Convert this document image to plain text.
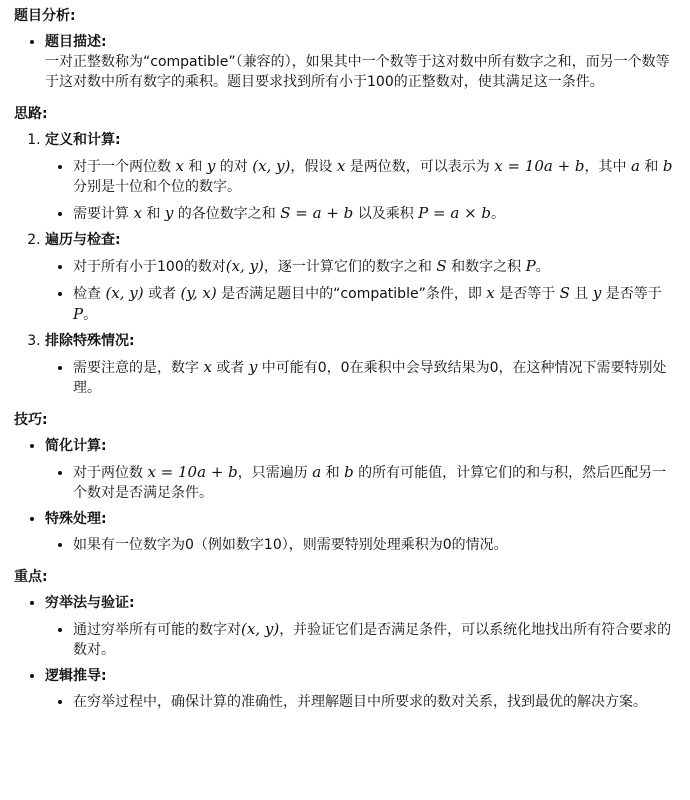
题目分析:

• 题目描述:
一对正整数称为“compatible”（兼容的），如果其中一个数等于这对数中所有数字之和，而另一个数等于这对数中所有数字的乘积。题目要求找到所有小于100的正整数对，使其满足这一条件。

思路:

1. 定义和计算:
• 对于一个两位数 x 和 y 的对 (x, y)，假设 x 是两位数，可以表示为 x = 10a + b，其中 a 和 b 分别是十位和个位的数字。
• 需要计算 x 和 y 的各位数字之和 S = a + b 以及乘积 P = a × b。
2. 遍历与检查:
• 对于所有小于100的数对(x, y)，逐一计算它们的数字之和 S 和数字之积 P。
• 检查 (x, y) 或者 (y, x) 是否满足题目中的“compatible”条件，即 x 是否等于 S 且 y 是否等于 P。
3. 排除特殊情况:
• 需要注意的是，数字 x 或者 y 中可能有0，0在乘积中会导致结果为0，在这种情况下需要特别处理。

技巧:

• 简化计算:
• 对于两位数 x = 10a + b，只需遍历 a 和 b 的所有可能值，计算它们的和与积，然后匹配另一个数对是否满足条件。
• 特殊处理:
• 如果有一位数字为0（例如数字10），则需要特别处理乘积为0的情况。

重点:

• 穷举法与验证:
• 通过穷举所有可能的数字对(x, y)，并验证它们是否满足条件，可以系统化地找出所有符合要求的数对。
• 逻辑推导:
• 在穷举过程中，确保计算的准确性，并理解题目中所要求的数对关系，找到最优的解决方案。
